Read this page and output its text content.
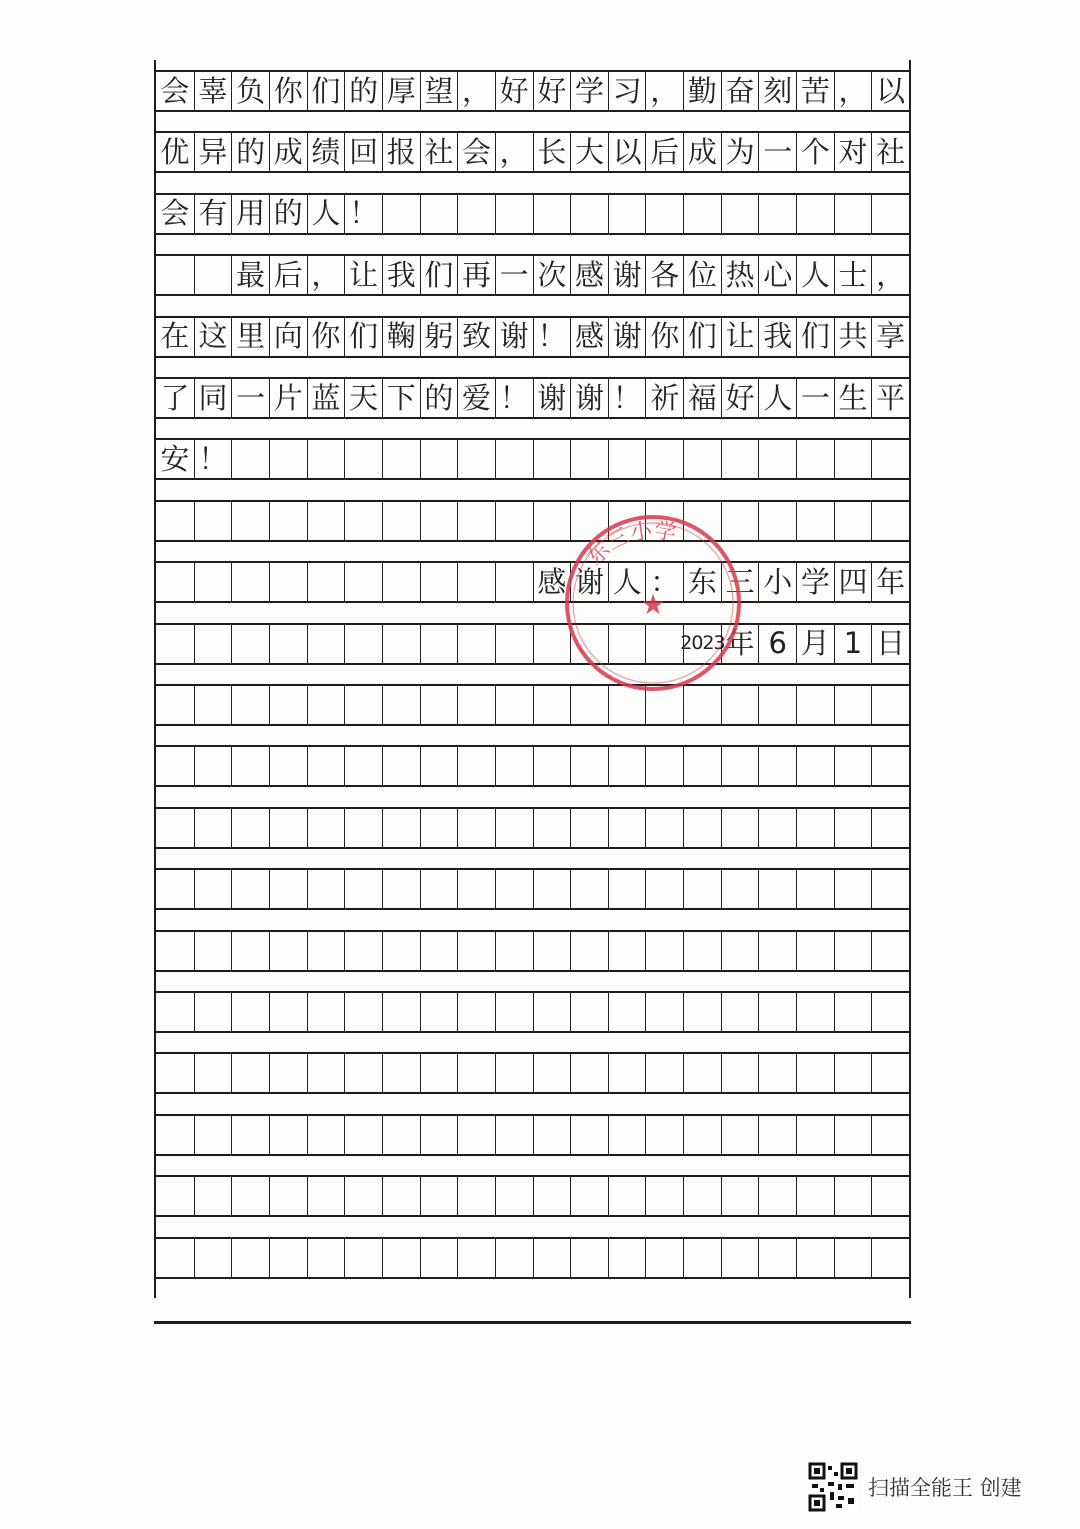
会 辜 负 你 们 的 厚 望 ， 好 好 学 习 ， 勤 奋 刻 苦 ， 以
优 异 的 成 绩 回 报 社 会 ， 长 大 以 后 成 为 一 个 对 社
会 有 用 的 人 ！
最 后 ， 让 我 们 再 一 次 感 谢 各 位 热 心 人 士 ，
在 这 里 向 你 们 鞠 躬 致 谢 ！ 感 谢 你 们 让 我 们 共 享
了 同 一 片 蓝 天 下 的 爱 ！ 谢 谢 ！ 祈 福 好 人 一 生 平
安 ！
感 谢 人 ： 东 三 小 学 四 年
2023 年 6 月 1 日
东三小学
★
扫描全能王 创建
